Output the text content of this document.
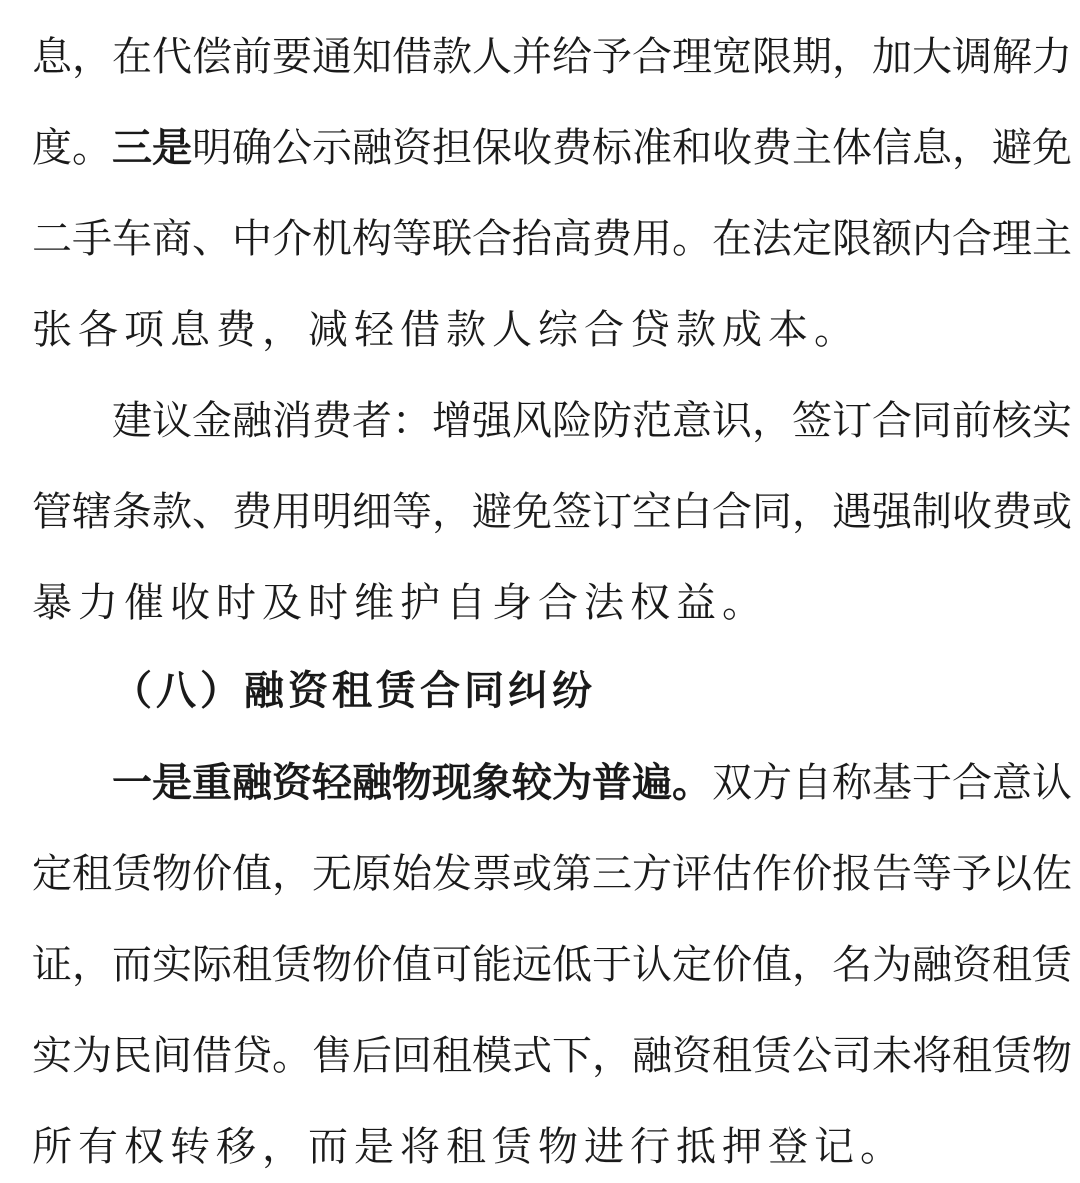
息，在代偿前要通知借款人并给予合理宽限期，加大调解力
度。三是明确公示融资担保收费标准和收费主体信息，避免
二手车商、中介机构等联合抬高费用。在法定限额内合理主
张各项息费，减轻借款人综合贷款成本。
建议金融消费者：增强风险防范意识，签订合同前核实
管辖条款、费用明细等，避免签订空白合同，遇强制收费或
暴力催收时及时维护自身合法权益。
（八）融资租赁合同纠纷
一是重融资轻融物现象较为普遍。双方自称基于合意认
定租赁物价值，无原始发票或第三方评估作价报告等予以佐
证，而实际租赁物价值可能远低于认定价值，名为融资租赁
实为民间借贷。售后回租模式下，融资租赁公司未将租赁物
所有权转移，而是将租赁物进行抵押登记。
